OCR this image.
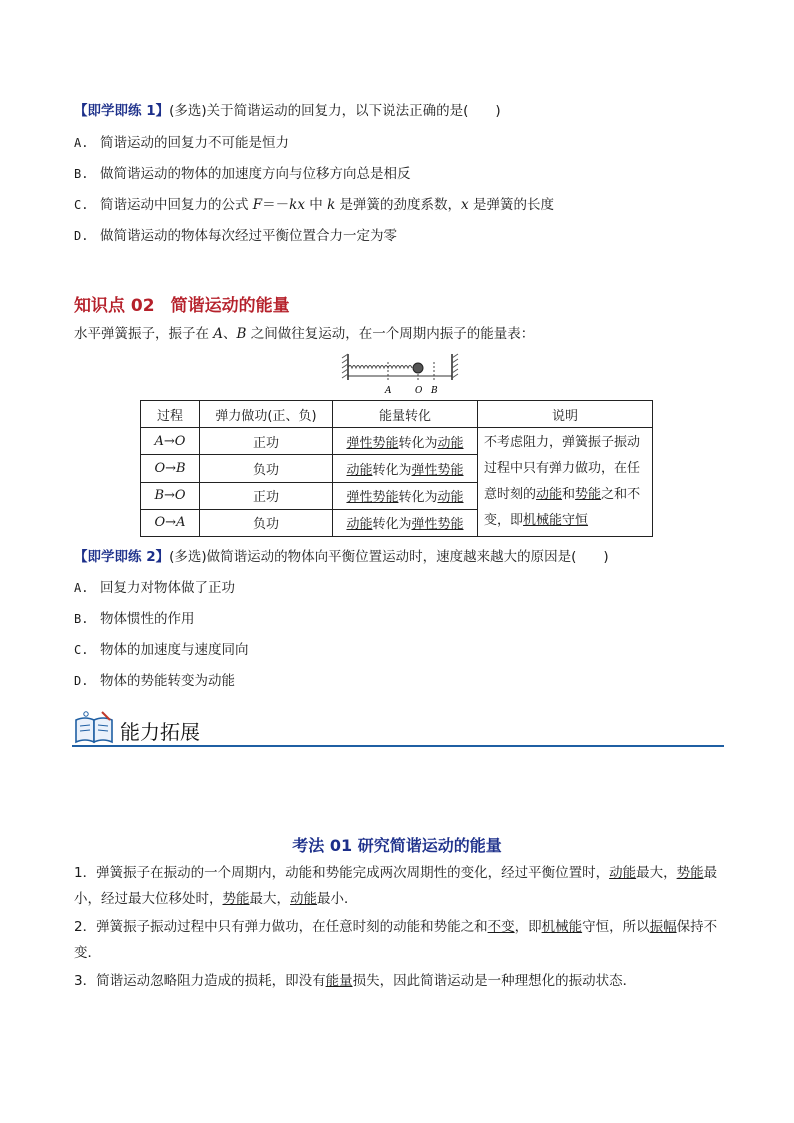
【即学即练 1】(多选)关于简谐运动的回复力，以下说法正确的是(　　)
A. 简谐运动的回复力不可能是恒力
B. 做简谐运动的物体的加速度方向与位移方向总是相反
C. 简谐运动中回复力的公式 F＝－kx 中 k 是弹簧的劲度系数，x 是弹簧的长度
D. 做简谐运动的物体每次经过平衡位置合力一定为零
知识点 02 简谐运动的能量
水平弹簧振子，振子在 A、B 之间做往复运动，在一个周期内振子的能量表：
A	O B
过程	弹力做功(正、负)	能量转化	说明
A→O	正功	弹性势能转化为动能	不考虑阻力，弹簧振子振动过程中只有弹力做功，在任意时刻的动能和势能之和不变，即机械能守恒
O→B	负功	动能转化为弹性势能	
B→O	正功	弹性势能转化为动能	
O→A	负功	动能转化为弹性势能	
【即学即练 2】(多选)做简谐运动的物体向平衡位置运动时，速度越来越大的原因是(　　)
A. 回复力对物体做了正功
B. 物体惯性的作用
C. 物体的加速度与速度同向
D. 物体的势能转变为动能
能力拓展
考法 01 研究简谐运动的能量
1．弹簧振子在振动的一个周期内，动能和势能完成两次周期性的变化，经过平衡位置时，动能最大，势能最小，经过最大位移处时，势能最大，动能最小．
2．弹簧振子振动过程中只有弹力做功，在任意时刻的动能和势能之和不变，即机械能守恒，所以振幅保持不变．
3．简谐运动忽略阻力造成的损耗，即没有能量损失，因此简谐运动是一种理想化的振动状态．
